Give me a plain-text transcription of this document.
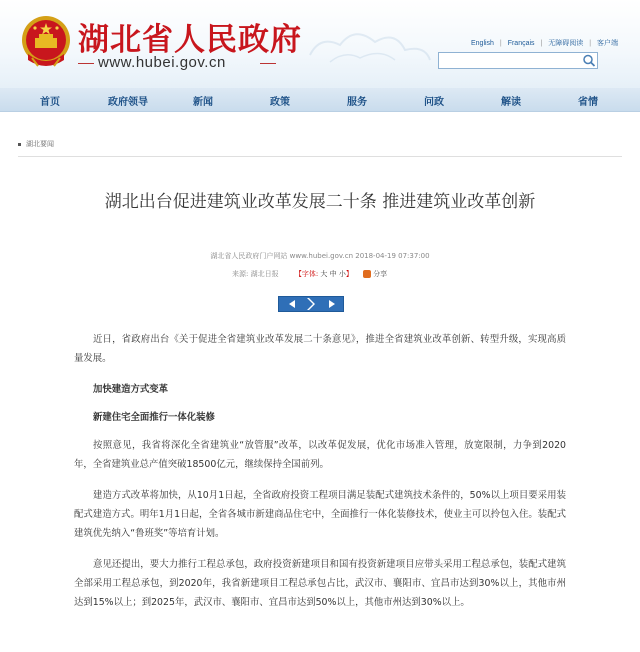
湖北省人民政府
www.hubei.gov.cn
English | Français | 无障碍阅读 | 客户端
首页	政府领导	新闻	政策	服务	问政	解读	省情
湖北要闻
湖北出台促进建筑业改革发展二十条 推进建筑业改革创新
湖北省人民政府门户网站 www.hubei.gov.cn 2018-04-19 07:37:00
来源: 湖北日报 【字体: 大 中 小】	分享

近日，省政府出台《关于促进全省建筑业改革发展二十条意见》，推进全省建筑业改革创新、转型升级，实现高质量发展。

加快建造方式变革

新建住宅全面推行一体化装修

按照意见，我省将深化全省建筑业“放管服”改革，以改革促发展，优化市场准入管理，放宽限制，力争到2020年，全省建筑业总产值突破18500亿元，继续保持全国前列。

建造方式改革将加快，从10月1日起，全省政府投资工程项目满足装配式建筑技术条件的，50%以上项目要采用装配式建造方式。明年1月1日起，全省各城市新建商品住宅中，全面推行一体化装修技术，使业主可以拎包入住。装配式建筑优先纳入“鲁班奖”等培育计划。

意见还提出，要大力推行工程总承包，政府投资新建项目和国有投资新建项目应带头采用工程总承包，装配式建筑全部采用工程总承包，到2020年，我省新建项目工程总承包占比，武汉市、襄阳市、宜昌市达到30%以上，其他市州达到15%以上；到2025年，武汉市、襄阳市、宜昌市达到50%以上，其他市州达到30%以上。
